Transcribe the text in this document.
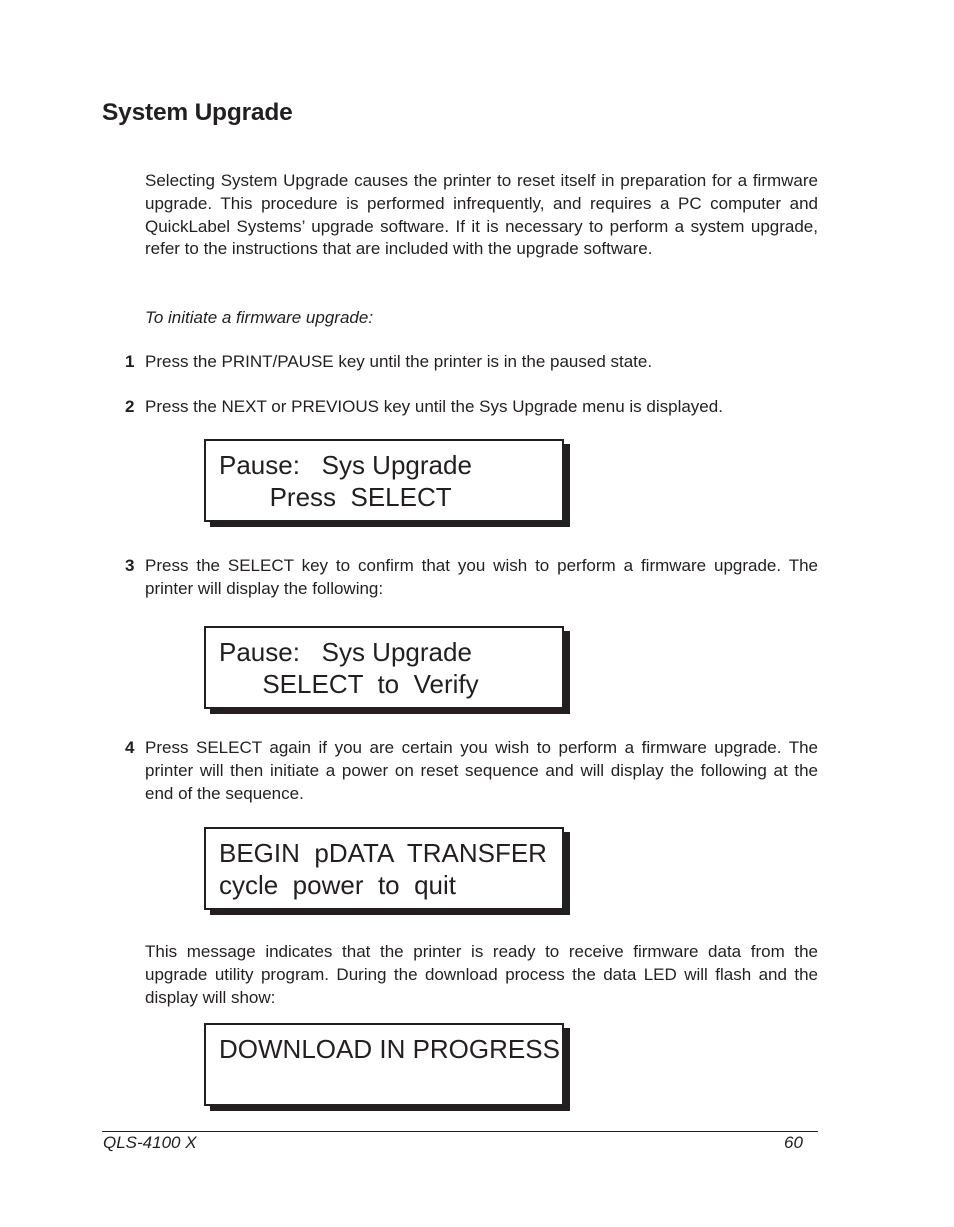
System Upgrade

Selecting System Upgrade causes the printer to reset itself in preparation for a firmware upgrade. This procedure is performed infrequently, and requires a PC computer and QuickLabel Systems’ upgrade software. If it is necessary to perform a system upgrade, refer to the instructions that are included with the upgrade software.

To initiate a firmware upgrade:

1 Press the PRINT/PAUSE key until the printer is in the paused state.
2 Press the NEXT or PREVIOUS key until the Sys Upgrade menu is displayed.

Pause:   Sys Upgrade

Press  SELECT

3 Press the SELECT key to confirm that you wish to perform a firmware upgrade. The printer will display the following:

Pause:   Sys Upgrade

SELECT  to  Verify

4 Press SELECT again if you are certain you wish to perform a firmware upgrade. The printer will then initiate a power on reset sequence and will display the following at the end of the sequence.

BEGIN  pDATA  TRANSFER

cycle  power  to  quit

This message indicates that the printer is ready to receive firmware data from the upgrade utility program. During the download process the data LED will flash and the display will show:

DOWNLOAD IN PROGRESS

QLS-4100 X	60
